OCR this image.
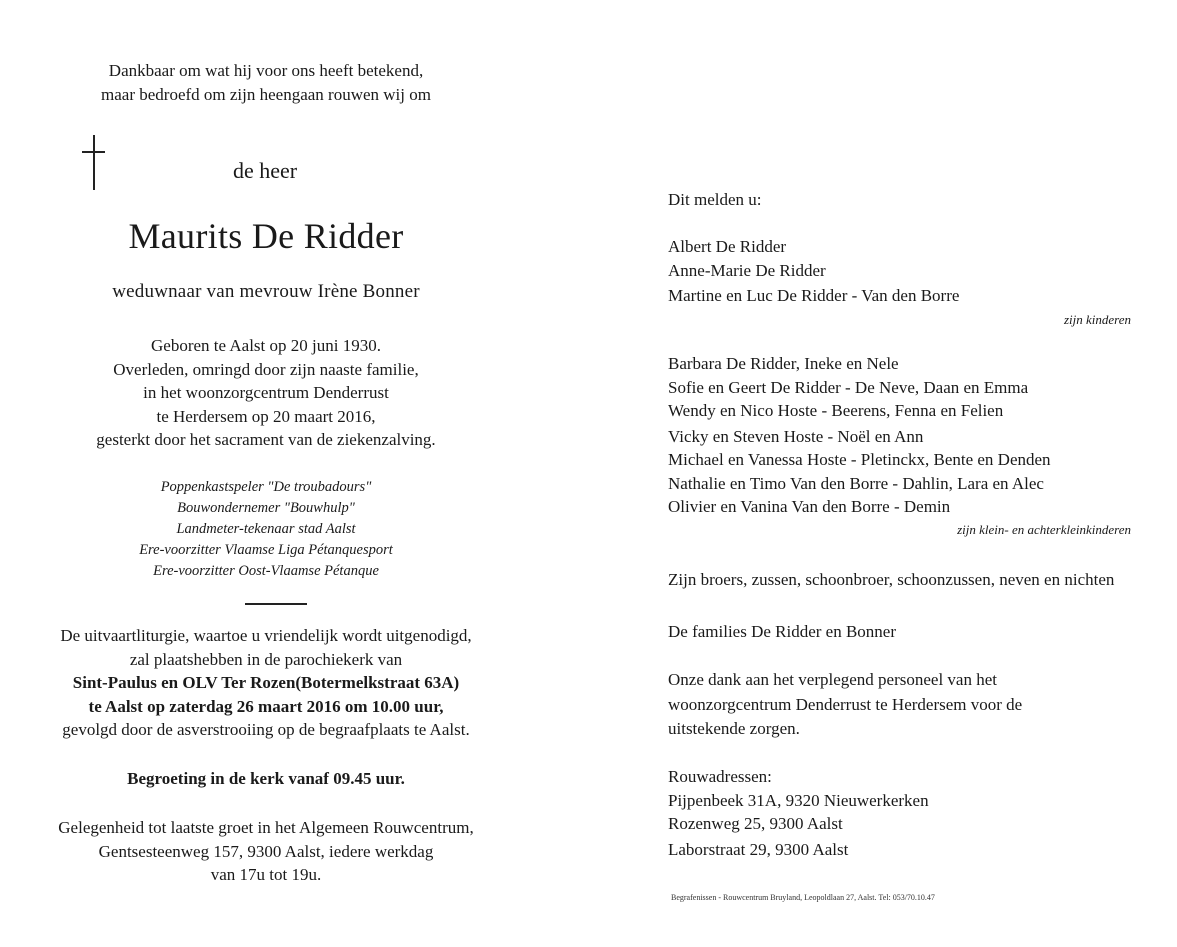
Dankbaar om wat hij voor ons heeft betekend,
maar bedroefd om zijn heengaan rouwen wij om
de heer
Maurits De Ridder
weduwnaar van mevrouw Irène Bonner
Geboren te Aalst op 20 juni 1930.
Overleden, omringd door zijn naaste familie,
in het woonzorgcentrum Denderrust
te Herdersem op 20 maart 2016,
gesterkt door het sacrament van de ziekenzalving.
Poppenkastspeler "De troubadours"
Bouwondernemer "Bouwhulp"
Landmeter-tekenaar stad Aalst
Ere-voorzitter Vlaamse Liga Pétanquesport
Ere-voorzitter Oost-Vlaamse Pétanque
De uitvaartliturgie, waartoe u vriendelijk wordt uitgenodigd,
zal plaatshebben in de parochiekerk van
Sint-Paulus en OLV Ter Rozen(Botermelkstraat 63A)
te Aalst op zaterdag 26 maart 2016 om 10.00 uur,
gevolgd door de asverstrooiing op de begraafplaats te Aalst.
Begroeting in de kerk vanaf 09.45 uur.
Gelegenheid tot laatste groet in het Algemeen Rouwcentrum,
Gentsesteenweg 157, 9300 Aalst, iedere werkdag
van 17u tot 19u.
Dit melden u:
Albert De Ridder
Anne-Marie De Ridder
Martine en Luc De Ridder - Van den Borre
zijn kinderen
Barbara De Ridder, Ineke en Nele
Sofie en Geert De Ridder - De Neve, Daan en Emma
Wendy en Nico Hoste - Beerens, Fenna en Felien
Vicky en Steven Hoste - Noël en Ann
Michael en Vanessa Hoste - Pletinckx, Bente en Denden
Nathalie en Timo Van den Borre - Dahlin, Lara en Alec
Olivier en Vanina Van den Borre - Demin
zijn klein- en achterkleinkinderen
Zijn broers, zussen, schoonbroer, schoonzussen, neven en nichten
De families De Ridder en Bonner
Onze dank aan het verplegend personeel van het
woonzorgcentrum Denderrust te Herdersem voor de
uitstekende zorgen.
Rouwadressen:
Pijpenbeek 31A, 9320 Nieuwerkerken
Rozenweg 25, 9300 Aalst
Laborstraat 29, 9300 Aalst
Begrafenissen - Rouwcentrum Bruyland, Leopoldlaan 27, Aalst. Tel: 053/70.10.47
